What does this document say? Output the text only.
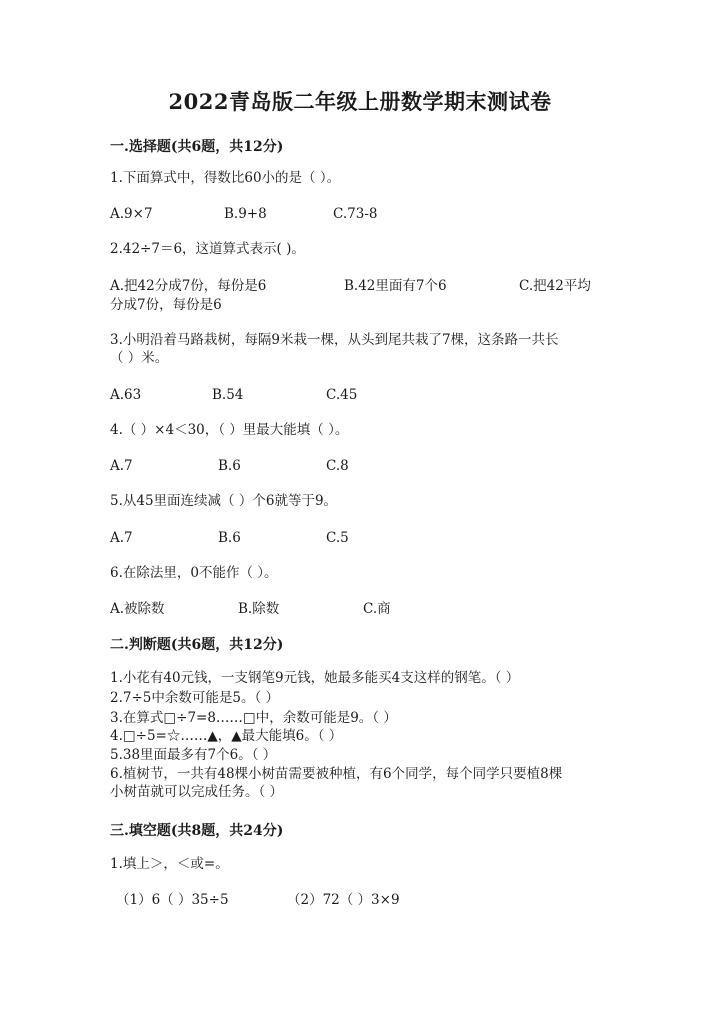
2022青岛版二年级上册数学期末测试卷
一.选择题(共6题，共12分)
1.下面算式中，得数比60小的是（ ）。
A.9×7	B.9+8	C.73-8
2.42÷7＝6，这道算式表示( )。
A.把42分成7份，每份是6	B.42里面有7个6	C.把42平均
分成7份，每份是6
3.小明沿着马路栽树，每隔9米栽一棵，从头到尾共栽了7棵，这条路一共长
（ ）米。
A.63	B.54	C.45
4.（ ）×4＜30，（ ）里最大能填（ ）。
A.7	B.6	C.8
5.从45里面连续减（ ）个6就等于9。
A.7	B.6	C.5
6.在除法里，0不能作（ ）。
A.被除数	B.除数	C.商
二.判断题(共6题，共12分)
1.小花有40元钱，一支钢笔9元钱，她最多能买4支这样的钢笔。（ ）
2.7÷5中余数可能是5。（ ）
3.在算式□÷7=8……□中，余数可能是9。（ ）
4.□÷5=☆……▲，▲最大能填6。（ ）
5.38里面最多有7个6。（ ）
6.植树节，一共有48棵小树苗需要被种植，有6个同学，每个同学只要植8棵
小树苗就可以完成任务。（ ）
三.填空题(共8题，共24分)
1.填上＞，＜或=。
（1）6（ ）35÷5	（2）72（ ）3×9
